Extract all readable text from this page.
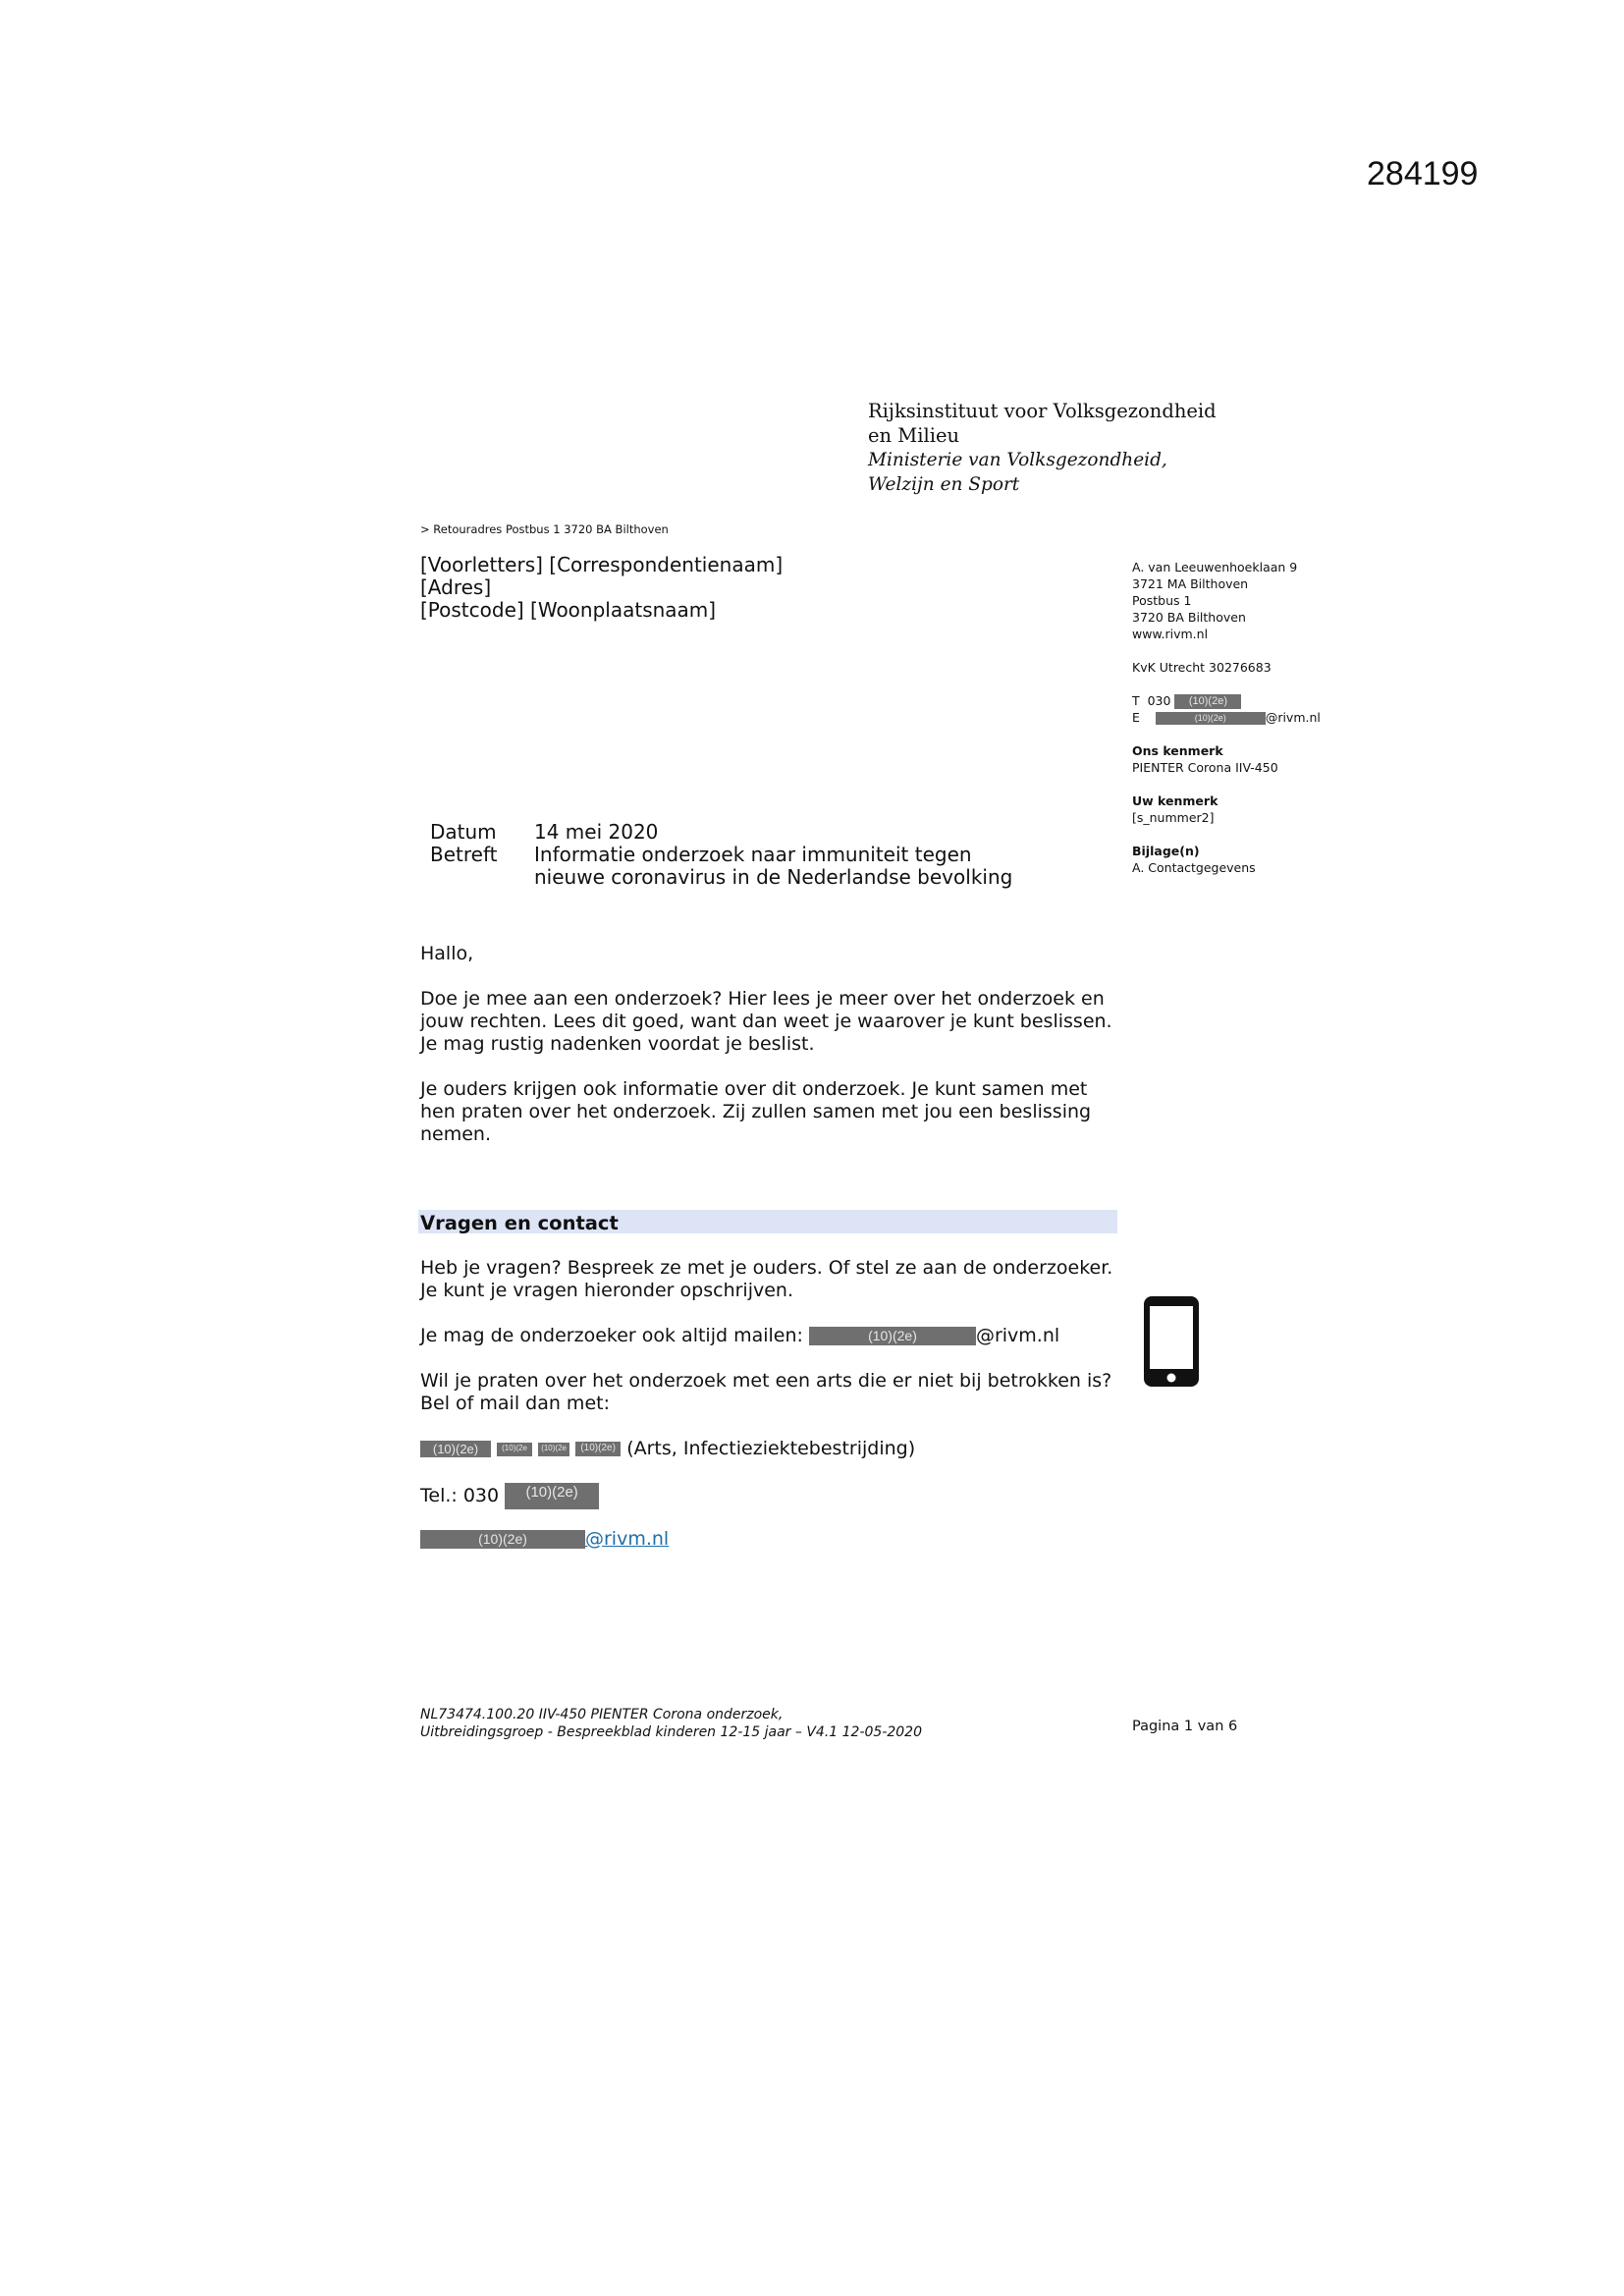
284199
Rijksinstituut voor Volksgezondheid
en Milieu
Ministerie van Volksgezondheid,
Welzijn en Sport
> Retouradres Postbus 1 3720 BA Bilthoven
[Voorletters] [Correspondentienaam]
[Adres]
[Postcode] [Woonplaatsnaam]
A. van Leeuwenhoeklaan 9
3721 MA Bilthoven
Postbus 1
3720 BA Bilthoven
www.rivm.nl
KvK Utrecht 30276683
T 030 (10)(2e)
E	(10)(2e)	@rivm.nl
Ons kenmerk
PIENTER Corona IIV-450
Uw kenmerk
[s_nummer2]
Bijlage(n)
A. Contactgegevens
Datum	14 mei 2020
Betreft	Informatie onderzoek naar immuniteit tegen
nieuwe coronavirus in de Nederlandse bevolking

Hallo,

Doe je mee aan een onderzoek? Hier lees je meer over het onderzoek en

jouw rechten. Lees dit goed, want dan weet je waarover je kunt beslissen.

Je mag rustig nadenken voordat je beslist.

Je ouders krijgen ook informatie over dit onderzoek. Je kunt samen met

hen praten over het onderzoek. Zij zullen samen met jou een beslissing

nemen.

Vragen en contact

Heb je vragen? Bespreek ze met je ouders. Of stel ze aan de onderzoeker.

Je kunt je vragen hieronder opschrijven.

Je mag de onderzoeker ook altijd mailen:	(10)(2e)	@rivm.nl

Wil je praten over het onderzoek met een arts die er niet bij betrokken is?

Bel of mail dan met:

(10)(2e)	(10)(2e (10)(2e (10)(2e) (Arts, Infectieziektebestrijding)

Tel.: 030 (10)(2e)

(10)(2e)	@rivm.nl

NL73474.100.20 IIV-450 PIENTER Corona onderzoek,
Uitbreidingsgroep - Bespreekblad kinderen 12-15 jaar – V4.1 12-05-2020	Pagina 1 van 6
